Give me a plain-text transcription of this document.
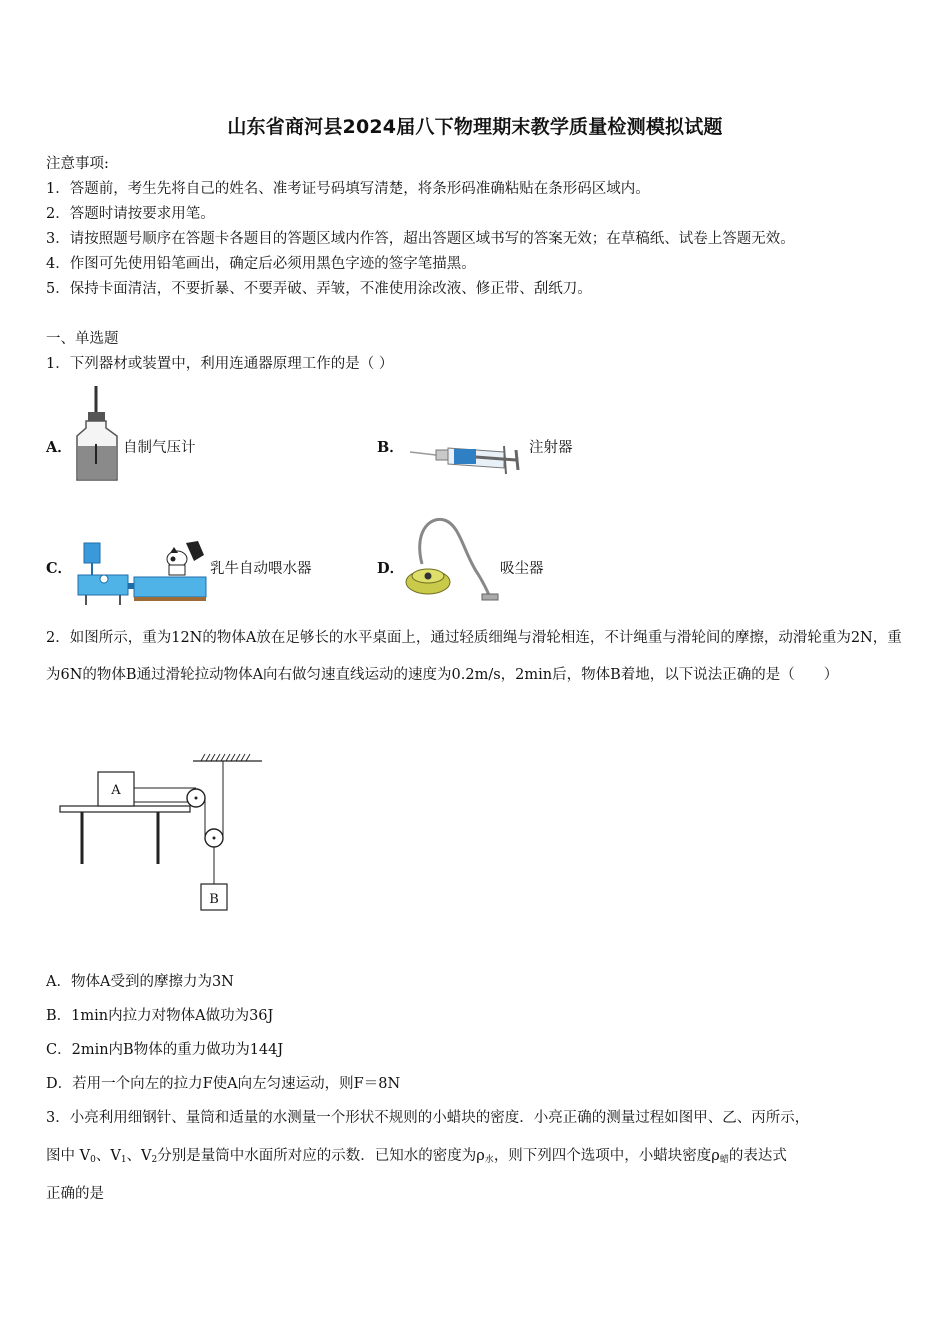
山东省商河县2024届八下物理期末教学质量检测模拟试题
注意事项:
1．答题前，考生先将自己的姓名、准考证号码填写清楚，将条形码准确粘贴在条形码区域内。
2．答题时请按要求用笔。
3．请按照题号顺序在答题卡各题目的答题区域内作答，超出答题区域书写的答案无效；在草稿纸、试卷上答题无效。
4．作图可先使用铅笔画出，确定后必须用黑色字迹的签字笔描黑。
5．保持卡面清洁，不要折暴、不要弄破、弄皱，不准使用涂改液、修正带、刮纸刀。
一、单选题
1．下列器材或装置中，利用连通器原理工作的是（ ）
A．	自制气压计	B．	注射器
C．	乳牛自动喂水器	D．	吸尘器
2．如图所示，重为12N的物体A放在足够长的水平桌面上，通过轻质细绳与滑轮相连，不计绳重与滑轮间的摩擦，动滑轮重为2N，重为6N的物体B通过滑轮拉动物体A向右做匀速直线运动的速度为0.2m/s，2min后，物体B着地，以下说法正确的是（　　）
A
B
A．物体A受到的摩擦力为3N
B．1min内拉力对物体A做功为36J
C．2min内B物体的重力做功为144J
D．若用一个向左的拉力F使A向左匀速运动，则F＝8N
3．小亮利用细钢针、量筒和适量的水测量一个形状不规则的小蜡块的密度．小亮正确的测量过程如图甲、乙、丙所示，
图中 $V_0$、$V_1$、$V_2$分别是量筒中水面所对应的示数．已知水的密度为$\rho_水$，则下列四个选项中，小蜡块密度$\rho_蜡$的表达式
正确的是
